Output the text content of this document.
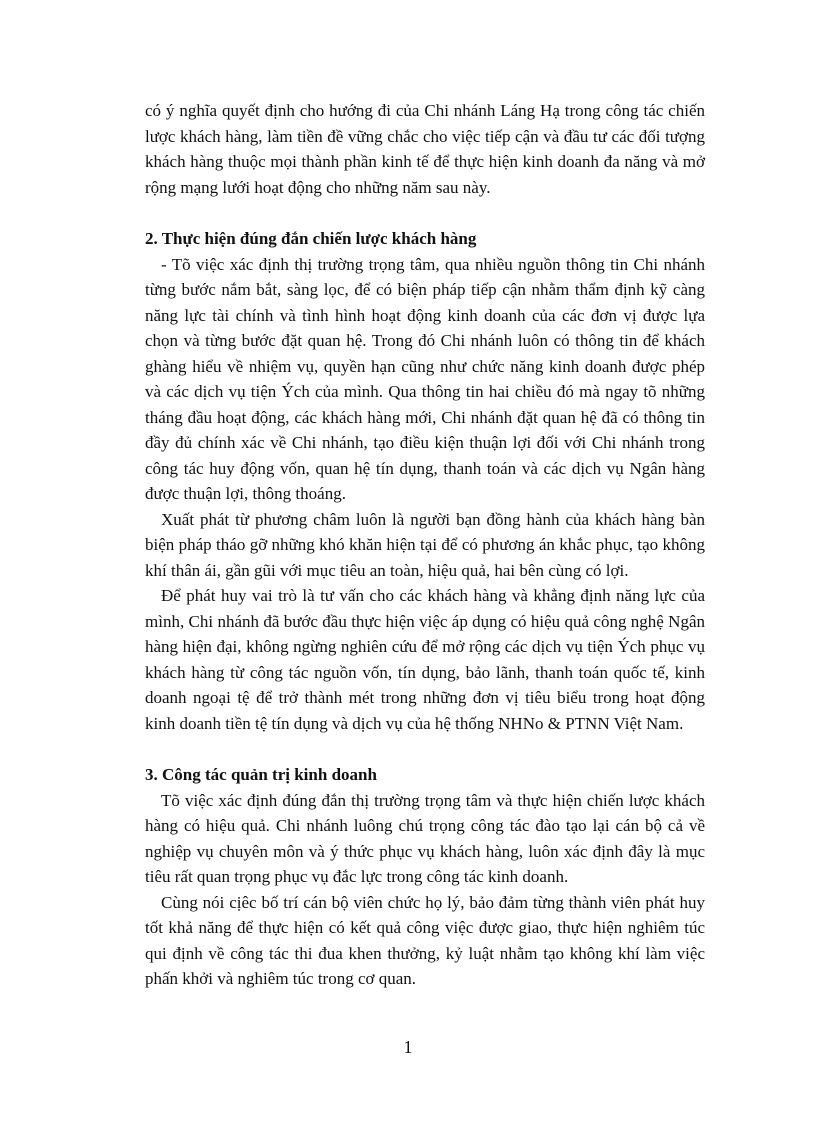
có ý nghĩa quyết định cho hướng đi của Chi nhánh Láng Hạ trong công tác chiến lược khách hàng, làm tiền đề vững chắc cho việc tiếp cận và đầu tư các đối tượng khách hàng thuộc mọi thành phần kinh tế để thực hiện kinh doanh đa năng và mở rộng mạng lưới hoạt động cho những năm sau này.

2. Thực hiện đúng đắn chiến lược khách hàng

- Tõ việc xác định thị trường trọng tâm, qua nhiều nguồn thông tin Chi nhánh từng bước nắm bắt, sàng lọc, để có biện pháp tiếp cận nhằm thẩm định kỹ càng năng lực tài chính và tình hình hoạt động kinh doanh của các đơn vị được lựa chọn và từng bước đặt quan hệ. Trong đó Chi nhánh luôn có thông tin để khách ghàng hiểu về nhiệm vụ, quyền hạn cũng như chức năng kinh doanh được phép và các dịch vụ tiện Ých của mình. Qua thông tin hai chiều đó mà ngay tõ những tháng đầu hoạt động, các khách hàng mới, Chi nhánh đặt quan hệ đã có thông tin đầy đủ chính xác về Chi nhánh, tạo điều kiện thuận lợi đối với Chi nhánh trong công tác huy động vốn, quan hệ tín dụng, thanh toán và các dịch vụ Ngân hàng được thuận lợi, thông thoáng.

Xuất phát từ phương châm luôn là người bạn đồng hành của khách hàng bàn biện pháp tháo gỡ những khó khăn hiện tại để có phương án khắc phục, tạo không khí thân ái, gần gũi với mục tiêu an toàn, hiệu quả, hai bên cùng có lợi.

Để phát huy vai trò là tư vấn cho các khách hàng và khẳng định năng lực của mình, Chi nhánh đã bước đầu thực hiện việc áp dụng có hiệu quả công nghệ Ngân hàng hiện đại, không ngừng nghiên cứu để mở rộng các dịch vụ tiện Ých phục vụ khách hàng từ công tác nguồn vốn, tín dụng, bảo lãnh, thanh toán quốc tế, kinh doanh ngoại tệ để trở thành mét trong những đơn vị tiêu biểu trong hoạt động kinh doanh tiền tệ tín dụng và dịch vụ của hệ thống NHNo & PTNN Việt Nam.

3. Công tác quản trị kinh doanh

Tõ việc xác định đúng đắn thị trường trọng tâm và thực hiện chiến lược khách hàng có hiệu quả. Chi nhánh luông chú trọng công tác đào tạo lại cán bộ cả về nghiệp vụ chuyên môn và ý thức phục vụ khách hàng, luôn xác định đây là mục tiêu rất quan trọng phục vụ đắc lực trong công tác kinh doanh.

Cùng nói cịêc bố trí cán bộ viên chức họ lý, bảo đảm từng thành viên phát huy tốt khả năng để thực hiện có kết quả công việc được giao, thực hiện nghiêm túc qui định về công tác thi đua khen thưởng, kỷ luật nhằm tạo không khí làm việc phấn khởi và nghiêm túc trong cơ quan.

1
